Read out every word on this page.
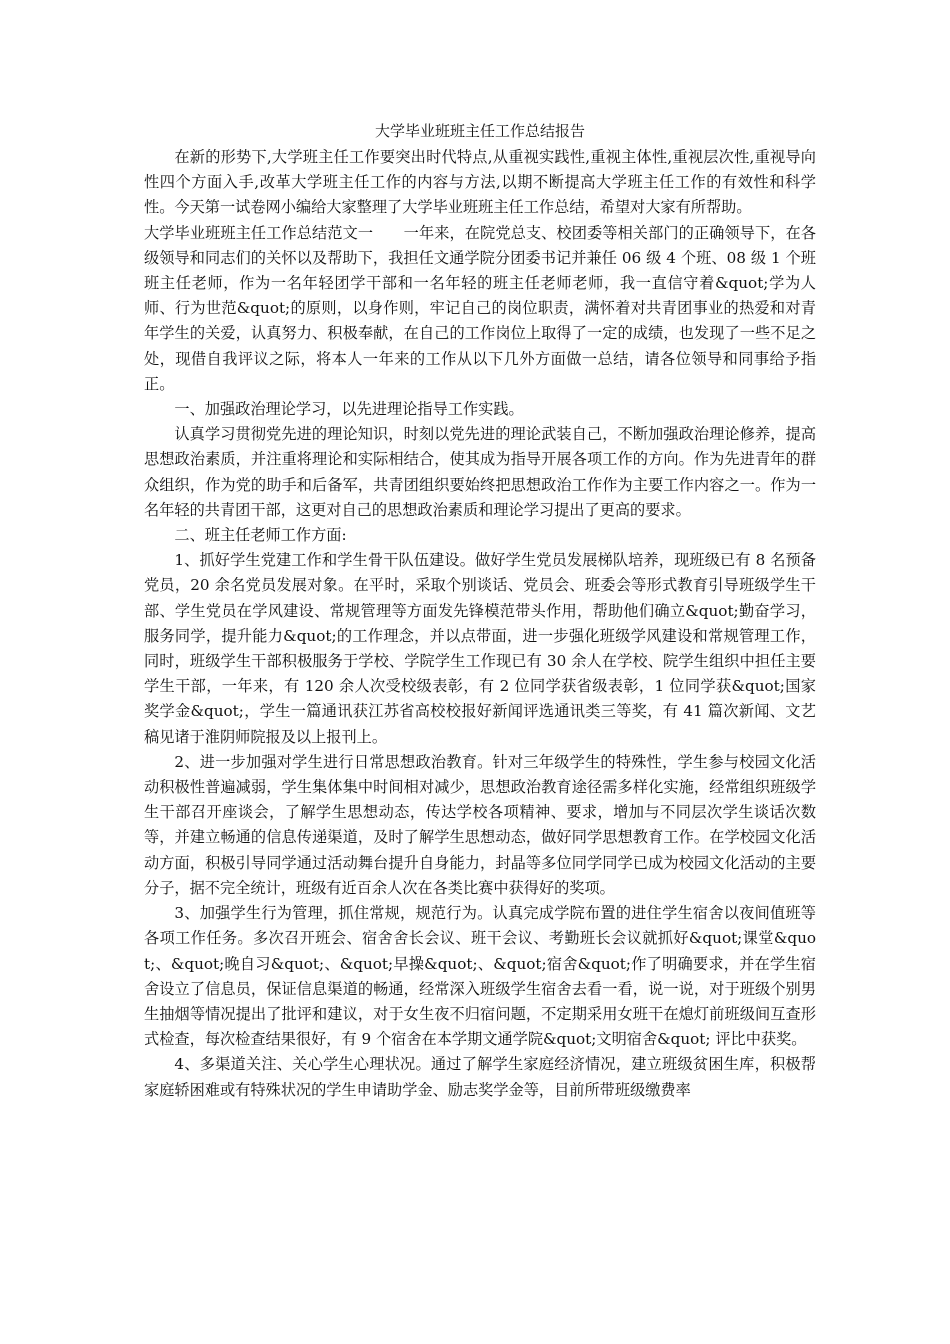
大学毕业班班主任工作总结报告

在新的形势下,大学班主任工作要突出时代特点,从重视实践性,重视主体性,重视层次性,重视导向性四个方面入手,改革大学班主任工作的内容与方法,以期不断提高大学班主任工作的有效性和科学性。今天第一试卷网小编给大家整理了大学毕业班班主任工作总结，希望对大家有所帮助。

大学毕业班班主任工作总结范文一　　一年来，在院党总支、校团委等相关部门的正确领导下，在各级领导和同志们的关怀以及帮助下，我担任文通学院分团委书记并兼任 06 级 4 个班、08 级 1 个班班主任老师，作为一名年轻团学干部和一名年轻的班主任老师老师，我一直信守着&quot;学为人师、行为世范&quot;的原则，以身作则，牢记自己的岗位职责，满怀着对共青团事业的热爱和对青年学生的关爱，认真努力、积极奉献，在自己的工作岗位上取得了一定的成绩，也发现了一些不足之处，现借自我评议之际，将本人一年来的工作从以下几外方面做一总结，请各位领导和同事给予指正。

一、加强政治理论学习，以先进理论指导工作实践。

认真学习贯彻党先进的理论知识，时刻以党先进的理论武装自己，不断加强政治理论修养，提高思想政治素质，并注重将理论和实际相结合，使其成为指导开展各项工作的方向。作为先进青年的群众组织，作为党的助手和后备军，共青团组织要始终把思想政治工作作为主要工作内容之一。作为一名年轻的共青团干部，这更对自己的思想政治素质和理论学习提出了更高的要求。

二、班主任老师工作方面:

1、抓好学生党建工作和学生骨干队伍建设。做好学生党员发展梯队培养，现班级已有 8 名预备党员，20 余名党员发展对象。在平时，采取个别谈话、党员会、班委会等形式教育引导班级学生干部、学生党员在学风建设、常规管理等方面发先锋模范带头作用，帮助他们确立&quot;勤奋学习，服务同学，提升能力&quot;的工作理念，并以点带面，进一步强化班级学风建设和常规管理工作，同时，班级学生干部积极服务于学校、学院学生工作现已有 30 余人在学校、院学生组织中担任主要学生干部，一年来，有 120 余人次受校级表彰，有 2 位同学获省级表彰，1 位同学获&quot;国家奖学金&quot;，学生一篇通讯获江苏省高校校报好新闻评选通讯类三等奖，有 41 篇次新闻、文艺稿见诸于淮阴师院报及以上报刊上。

2、进一步加强对学生进行日常思想政治教育。针对三年级学生的特殊性，学生参与校园文化活动积极性普遍减弱，学生集体集中时间相对减少，思想政治教育途径需多样化实施，经常组织班级学生干部召开座谈会，了解学生思想动态，传达学校各项精神、要求，增加与不同层次学生谈话次数等，并建立畅通的信息传递渠道，及时了解学生思想动态，做好同学思想教育工作。在学校园文化活动方面，积极引导同学通过活动舞台提升自身能力，封晶等多位同学同学已成为校园文化活动的主要分子，据不完全统计，班级有近百余人次在各类比赛中获得好的奖项。

3、加强学生行为管理，抓住常规，规范行为。认真完成学院布置的进住学生宿舍以夜间值班等各项工作任务。多次召开班会、宿舍舍长会议、班干会议、考勤班长会议就抓好&quot;课堂&quot;、&quot;晚自习&quot;、&quot;早操&quot;、&quot;宿舍&quot;作了明确要求，并在学生宿舍设立了信息员，保证信息渠道的畅通，经常深入班级学生宿舍去看一看，说一说，对于班级个别男生抽烟等情况提出了批评和建议，对于女生夜不归宿问题，不定期采用女班干在熄灯前班级间互查形式检查，每次检查结果很好，有 9 个宿舍在本学期文通学院&quot;文明宿舍&quot; 评比中获奖。

4、多渠道关注、关心学生心理状况。通过了解学生家庭经济情况，建立班级贫困生库，积极帮家庭轿困难或有特殊状况的学生申请助学金、励志奖学金等，目前所带班级缴费率
